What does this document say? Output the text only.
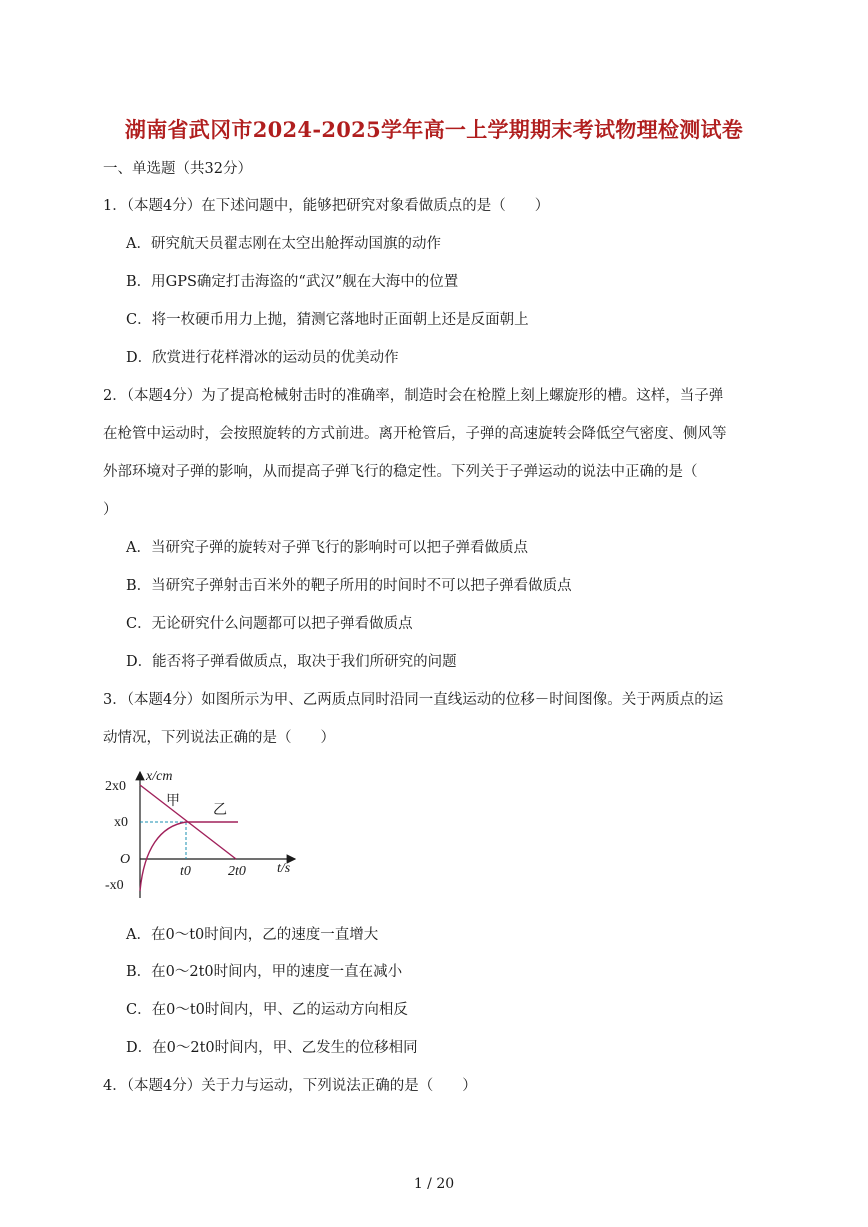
湖南省武冈市2024-2025学年高一上学期期末考试物理检测试卷
一、单选题（共32分）
1．（本题4分）在下述问题中，能够把研究对象看做质点的是（　　）
A．研究航天员翟志刚在太空出舱挥动国旗的动作
B．用GPS确定打击海盗的“武汉”舰在大海中的位置
C．将一枚硬币用力上抛，猜测它落地时正面朝上还是反面朝上
D．欣赏进行花样滑冰的运动员的优美动作
2．（本题4分）为了提高枪械射击时的准确率，制造时会在枪膛上刻上螺旋形的槽。这样，当子弹
在枪管中运动时，会按照旋转的方式前进。离开枪管后，子弹的高速旋转会降低空气密度、侧风等
外部环境对子弹的影响，从而提高子弹飞行的稳定性。下列关于子弹运动的说法中正确的是（
）
A．当研究子弹的旋转对子弹飞行的影响时可以把子弹看做质点
B．当研究子弹射击百米外的靶子所用的时间时不可以把子弹看做质点
C．无论研究什么问题都可以把子弹看做质点
D．能否将子弹看做质点，取决于我们所研究的问题
3．（本题4分）如图所示为甲、乙两质点同时沿同一直线运动的位移－时间图像。关于两质点的运
动情况，下列说法正确的是（　　）
2x0
x0
O
-x0
x/cm
t0	2t0 t/s
甲
乙
A．在0～t0时间内，乙的速度一直增大
B．在0～2t0时间内，甲的速度一直在减小
C．在0～t0时间内，甲、乙的运动方向相反
D．在0～2t0时间内，甲、乙发生的位移相同
4．（本题4分）关于力与运动，下列说法正确的是（　　）
1 / 20
